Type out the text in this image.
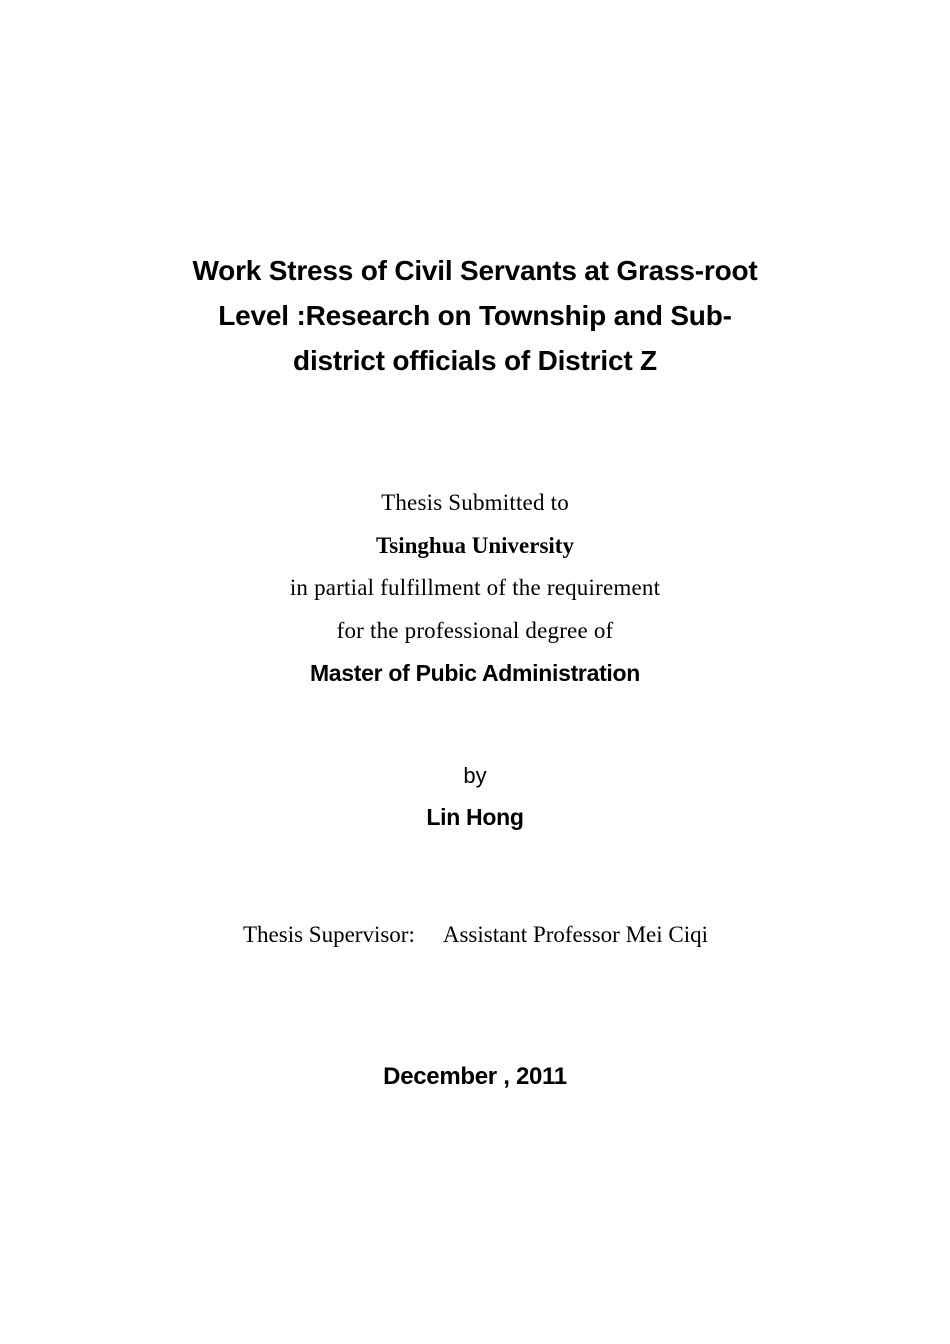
Work Stress of Civil Servants at Grass-root
Level :Research on Township and Sub-
district officials of District Z
Thesis Submitted to
Tsinghua University
in partial fulfillment of the requirement
for the professional degree of
Master of Pubic Administration
by
Lin Hong
Thesis Supervisor: Assistant Professor Mei Ciqi
December , 2011
